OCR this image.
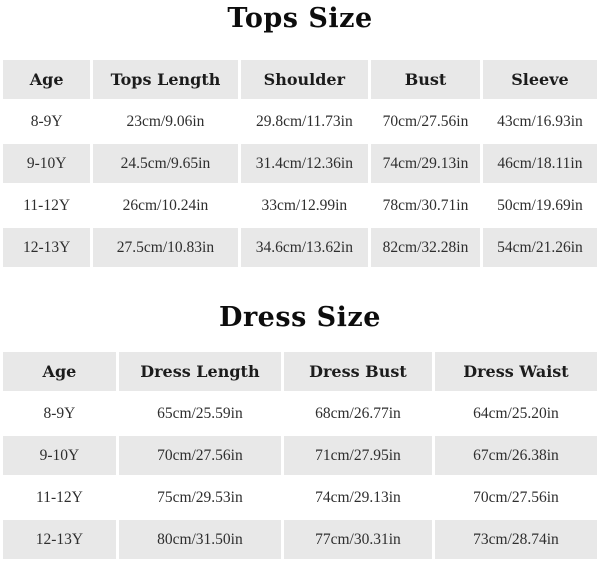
Tops Size
Age	Tops Length	Shoulder	Bust	Sleeve
8-9Y	23cm/9.06in	29.8cm/11.73in	70cm/27.56in	43cm/16.93in
9-10Y	24.5cm/9.65in	31.4cm/12.36in	74cm/29.13in	46cm/18.11in
11-12Y	26cm/10.24in	33cm/12.99in	78cm/30.71in	50cm/19.69in
12-13Y	27.5cm/10.83in	34.6cm/13.62in	82cm/32.28in	54cm/21.26in
Dress Size
Age	Dress Length	Dress Bust	Dress Waist
8-9Y	65cm/25.59in	68cm/26.77in	64cm/25.20in
9-10Y	70cm/27.56in	71cm/27.95in	67cm/26.38in
11-12Y	75cm/29.53in	74cm/29.13in	70cm/27.56in
12-13Y	80cm/31.50in	77cm/30.31in	73cm/28.74in
